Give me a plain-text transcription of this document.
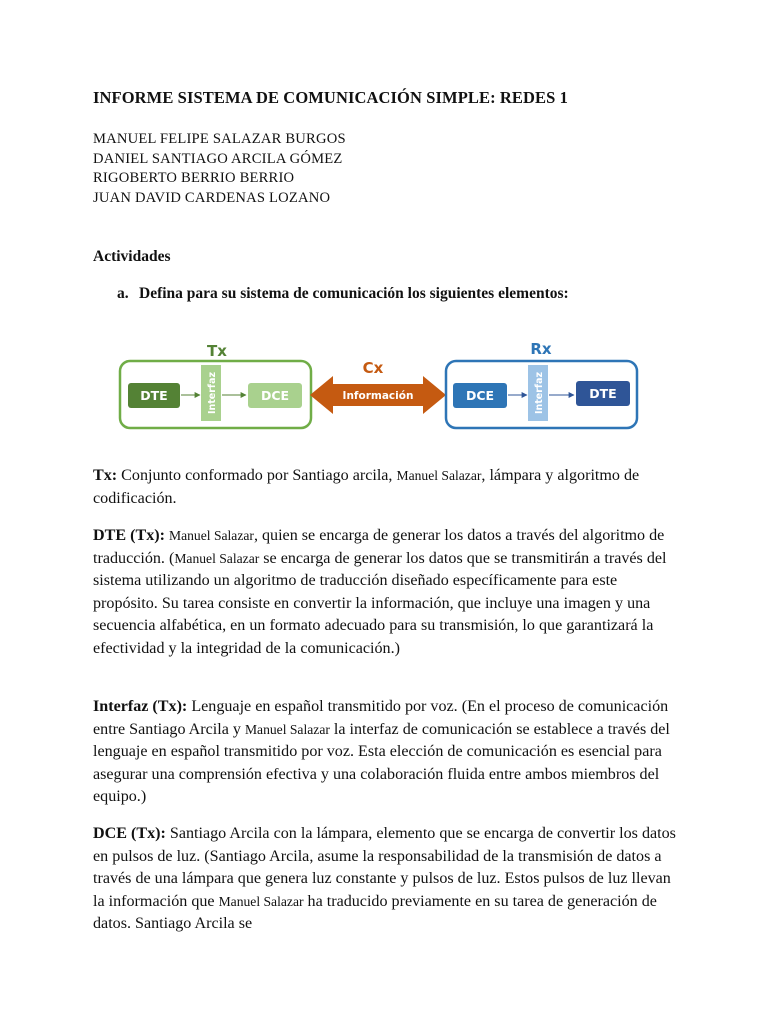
INFORME SISTEMA DE COMUNICACIÓN SIMPLE: REDES 1
MANUEL FELIPE SALAZAR BURGOS
DANIEL SANTIAGO ARCILA GÓMEZ
RIGOBERTO BERRIO BERRIO
JUAN DAVID CARDENAS LOZANO
Actividades
a. Defina para su sistema de comunicación los siguientes elementos:
Tx
Cx
Rx
DTE	Interfaz	DCE	Información	DCE	Interfaz	DTE
Tx: Conjunto conformado por Santiago arcila, Manuel Salazar, lámpara y algoritmo de codificación.
DTE (Tx): Manuel Salazar, quien se encarga de generar los datos a través del algoritmo de traducción. (Manuel Salazar se encarga de generar los datos que se transmitirán a través del sistema utilizando un algoritmo de traducción diseñado específicamente para este propósito. Su tarea consiste en convertir la información, que incluye una imagen y una secuencia alfabética, en un formato adecuado para su transmisión, lo que garantizará la efectividad y la integridad de la comunicación.)
Interfaz (Tx): Lenguaje en español transmitido por voz. (En el proceso de comunicación entre Santiago Arcila y Manuel Salazar la interfaz de comunicación se establece a través del lenguaje en español transmitido por voz. Esta elección de comunicación es esencial para asegurar una comprensión efectiva y una colaboración fluida entre ambos miembros del equipo.)
DCE (Tx): Santiago Arcila con la lámpara, elemento que se encarga de convertir los datos en pulsos de luz. (Santiago Arcila, asume la responsabilidad de la transmisión de datos a través de una lámpara que genera luz constante y pulsos de luz. Estos pulsos de luz llevan la información que Manuel Salazar ha traducido previamente en su tarea de generación de datos. Santiago Arcila se
